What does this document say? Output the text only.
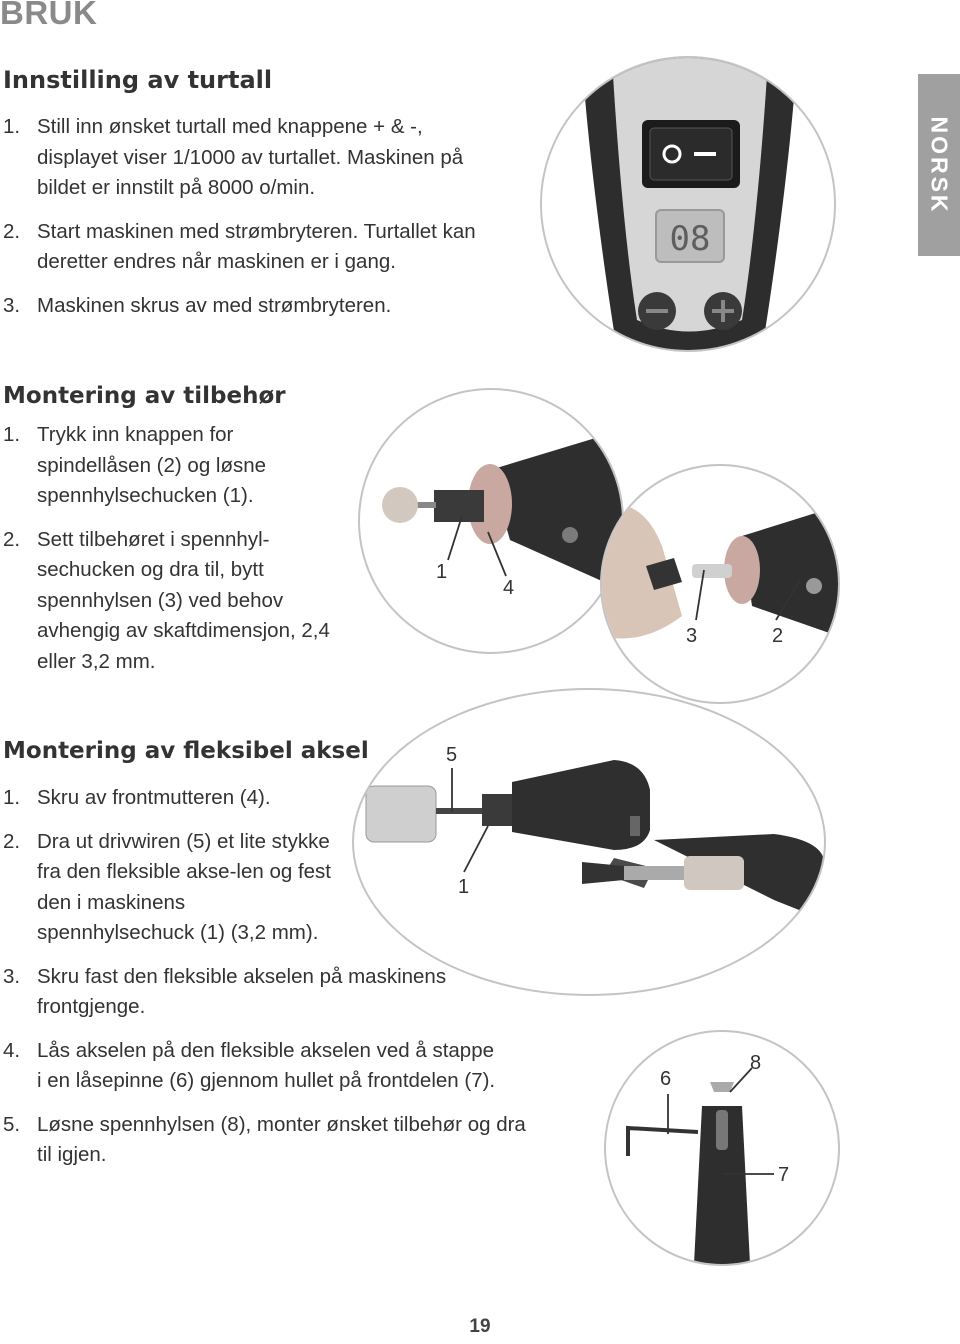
BRUK
NORSK
Innstilling av turtall
1. Still inn ønsket turtall med knappene + & -, displayet viser 1/1000 av turtallet. Maskinen på bildet er innstilt på 8000 o/min.
2. Start maskinen med strømbryteren. Turtallet kan deretter endres når maskinen er i gang.
3. Maskinen skrus av med strømbryteren.
08
Montering av tilbehør
1. Trykk inn knappen for spindellåsen (2) og løsne spennhylsechucken (1).
2. Sett tilbehøret i spennhyl-sechucken og dra til, bytt spennhylsen (3) ved behov avhengig av skaftdimensjon, 2,4 eller 3,2 mm.
1
4
3	2
Montering av fleksibel aksel
1. Skru av frontmutteren (4).
2. Dra ut drivwiren (5) et lite stykke fra den fleksible akse-len og fest den i maskinens spennhylsechuck (1) (3,2 mm).
3. Skru fast den fleksible akselen på maskinens frontgjenge.
4. Lås akselen på den fleksible akselen ved å stappe i en låsepinne (6) gjennom hullet på frontdelen (7).
5. Løsne spennhylsen (8), monter ønsket tilbehør og dra til igjen.
5
1
6
8
7
19
